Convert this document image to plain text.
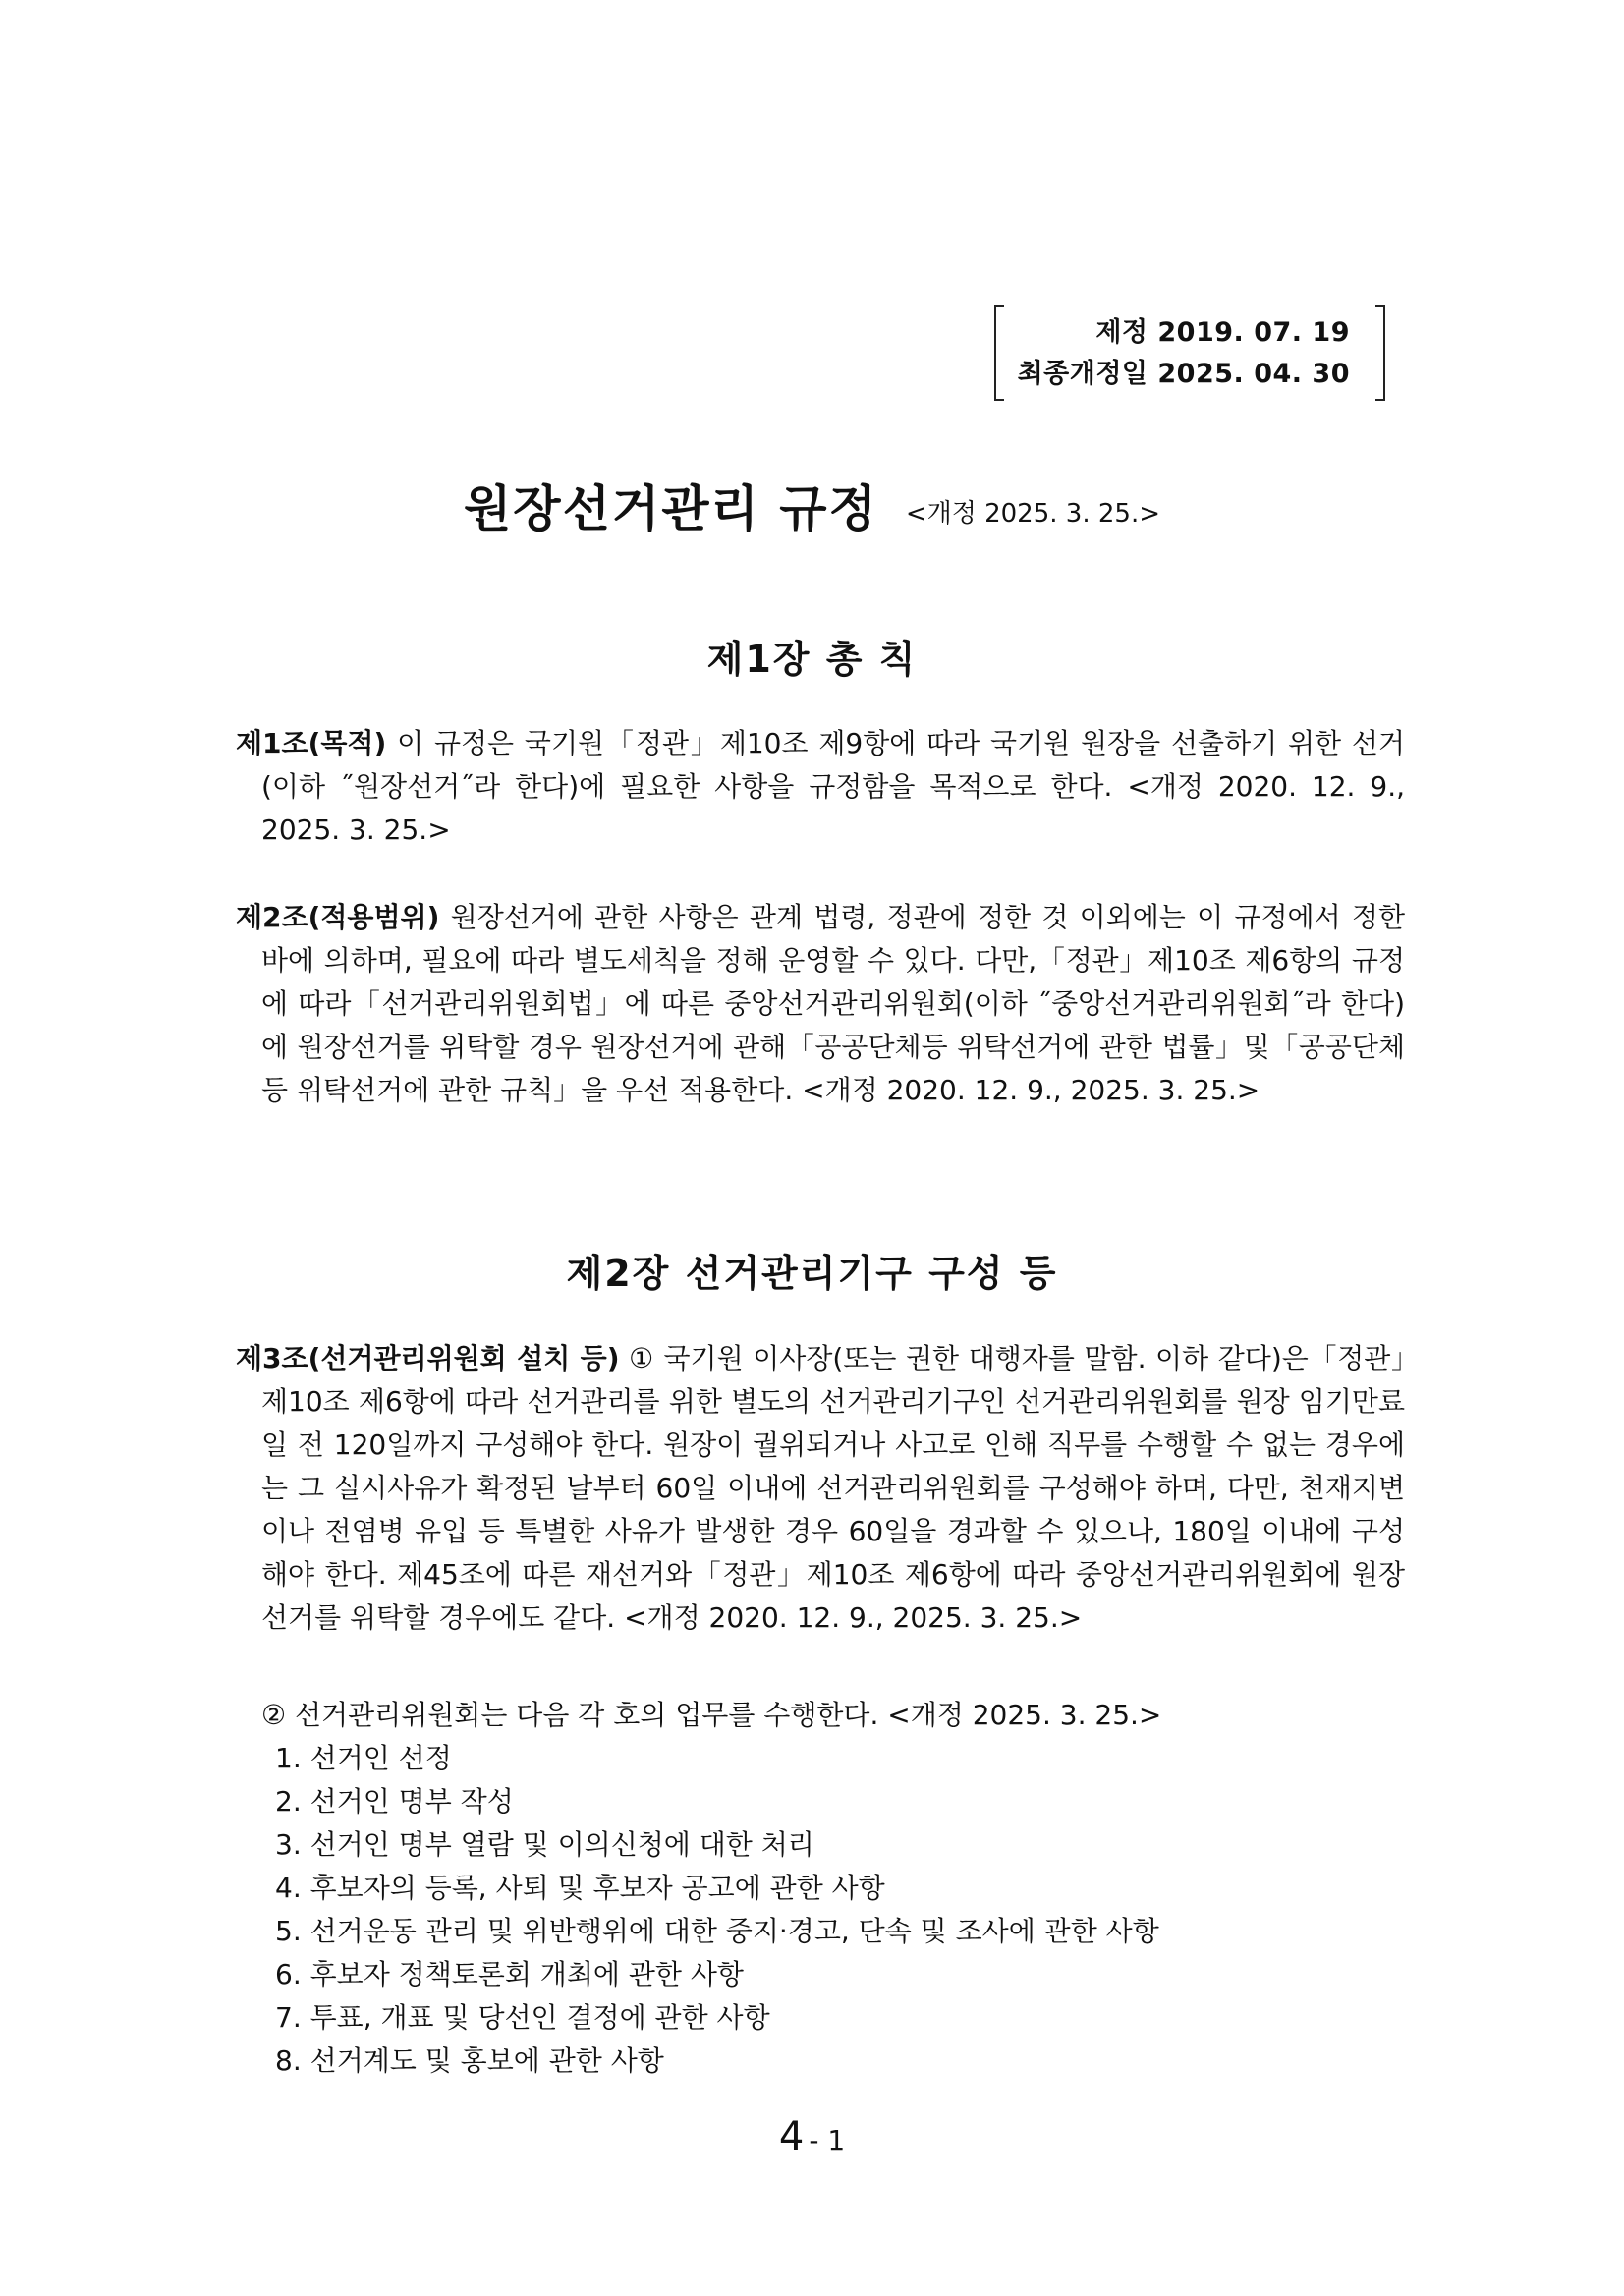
제정 2019. 07. 19
최종개정일 2025. 04. 30
원장선거관리 규정 <개정 2025. 3. 25.>
제1장 총 칙
제1조(목적) 이 규정은 국기원「정관」제10조 제9항에 따라 국기원 원장을 선출하기 위한 선거(이하 ˝원장선거˝라 한다)에 필요한 사항을 규정함을 목적으로 한다. <개정 2020. 12. 9., 2025. 3. 25.>
제2조(적용범위) 원장선거에 관한 사항은 관계 법령, 정관에 정한 것 이외에는 이 규정에서 정한 바에 의하며, 필요에 따라 별도세칙을 정해 운영할 수 있다. 다만,「정관」제10조 제6항의 규정에 따라「선거관리위원회법」에 따른 중앙선거관리위원회(이하 ˝중앙선거관리위원회˝라 한다)에 원장선거를 위탁할 경우 원장선거에 관해「공공단체등 위탁선거에 관한 법률」및「공공단체등 위탁선거에 관한 규칙」을 우선 적용한다. <개정 2020. 12. 9., 2025. 3. 25.>
제2장 선거관리기구 구성 등
제3조(선거관리위원회 설치 등) ① 국기원 이사장(또는 권한 대행자를 말함. 이하 같다)은「정관」제10조 제6항에 따라 선거관리를 위한 별도의 선거관리기구인 선거관리위원회를 원장 임기만료일 전 120일까지 구성해야 한다. 원장이 궐위되거나 사고로 인해 직무를 수행할 수 없는 경우에는 그 실시사유가 확정된 날부터 60일 이내에 선거관리위원회를 구성해야 하며, 다만, 천재지변이나 전염병 유입 등 특별한 사유가 발생한 경우 60일을 경과할 수 있으나, 180일 이내에 구성해야 한다. 제45조에 따른 재선거와「정관」제10조 제6항에 따라 중앙선거관리위원회에 원장선거를 위탁할 경우에도 같다. <개정 2020. 12. 9., 2025. 3. 25.>
② 선거관리위원회는 다음 각 호의 업무를 수행한다. <개정 2025. 3. 25.>
1. 선거인 선정
2. 선거인 명부 작성
3. 선거인 명부 열람 및 이의신청에 대한 처리
4. 후보자의 등록, 사퇴 및 후보자 공고에 관한 사항
5. 선거운동 관리 및 위반행위에 대한 중지·경고, 단속 및 조사에 관한 사항
6. 후보자 정책토론회 개최에 관한 사항
7. 투표, 개표 및 당선인 결정에 관한 사항
8. 선거계도 및 홍보에 관한 사항
4 - 1
